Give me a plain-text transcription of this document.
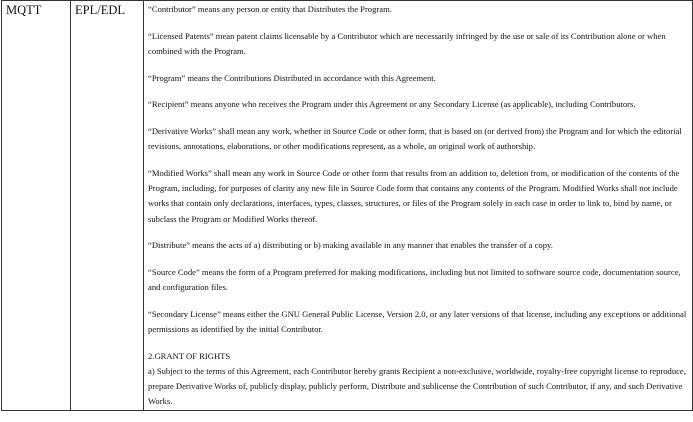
MQTT	EPL/EDL	“Contributor” means any person or entity that Distributes the Program.

“Licensed Patents” mean patent claims licensable by a Contributor which are necessarily infringed by the use or sale of its Contribution alone or when combined with the Program.

“Program” means the Contributions Distributed in accordance with this Agreement.

“Recipient” means anyone who receives the Program under this Agreement or any Secondary License (as applicable), including Contributors.

“Derivative Works” shall mean any work, whether in Source Code or other form, that is based on (or derived from) the Program and for which the editorial revisions, annotations, elaborations, or other modifications represent, as a whole, an original work of authorship.

“Modified Works” shall mean any work in Source Code or other form that results from an addition to, deletion from, or modification of the contents of the Program, including, for purposes of clarity any new file in Source Code form that contains any contents of the Program. Modified Works shall not include works that contain only declarations, interfaces, types, classes, structures, or files of the Program solely in each case in order to link to, bind by name, or subclass the Program or Modified Works thereof.

“Distribute” means the acts of a) distributing or b) making available in any manner that enables the transfer of a copy.

“Source Code” means the form of a Program preferred for making modifications, including but not limited to software source code, documentation source, and configuration files.

“Secondary License” means either the GNU General Public License, Version 2.0, or any later versions of that license, including any exceptions or additional permissions as identified by the initial Contributor.

2.GRANT OF RIGHTS

a) Subject to the terms of this Agreement, each Contributor hereby grants Recipient a non-exclusive, worldwide, royalty-free copyright license to reproduce, prepare Derivative Works of, publicly display, publicly perform, Distribute and sublicense the Contribution of such Contributor, if any, and such Derivative Works.
